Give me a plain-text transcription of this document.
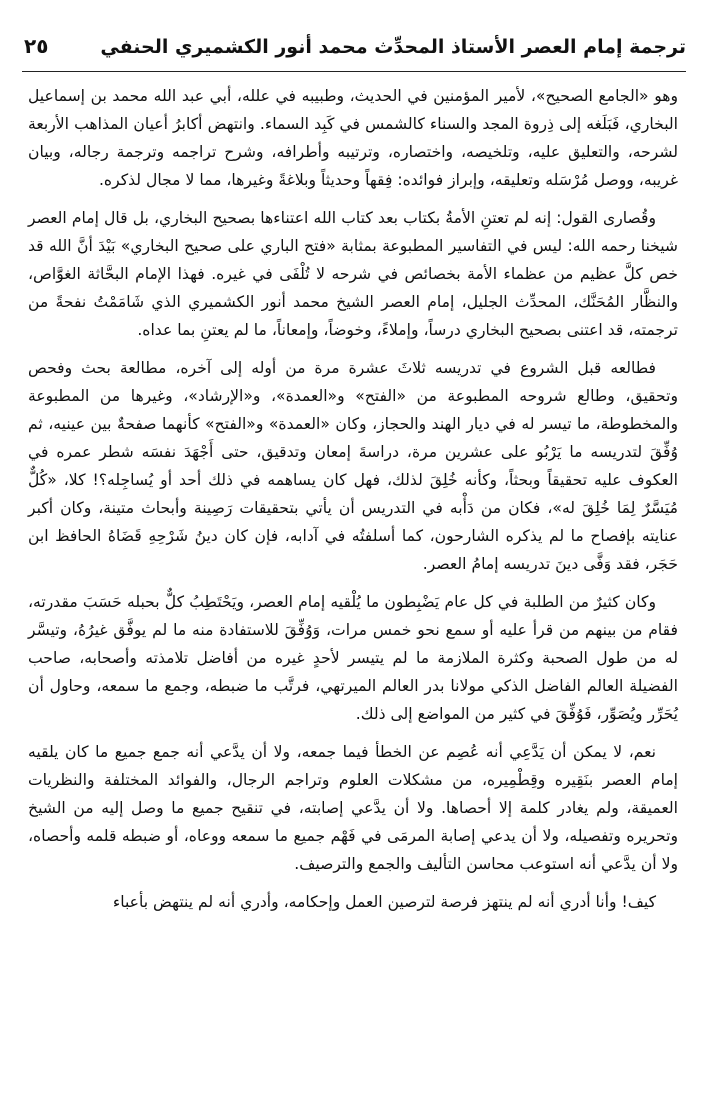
ترجمة إمام العصر الأستاذ المحدِّث محمد أنور الكشميري الحنفي
٢٥

وهو «الجامع الصحيح»، لأمير المؤمنين في الحديث، وطبيبه في علله، أبي عبد الله محمد بن إسماعيل البخاري، فَبَلَغه إلى ذِروة المجد والسناء كالشمس في كَبِد السماء. وانتهض أكابرُ أعيان المذاهب الأربعة لشرحه، والتعليق عليه، وتلخيصه، واختصاره، وترتيبه وأطرافه، وشرح تراجمه وترجمة رجاله، وبيان غريبه، ووصل مُرْسَله وتعليقه، وإبراز فوائده: فِقهاً وحديثاً وبلاغةً وغيرها، مما لا مجال لذكره.

وقُصارى القول: إنه لم تعتنِ الأمةُ بكتاب بعد كتاب الله اعتناءها بصحيح البخاري، بل قال إمام العصر شيخنا رحمه الله: ليس في التفاسير المطبوعة بمثابة «فتح الباري على صحيح البخاري» بَيْدَ أنَّ الله قد خص كلَّ عظيم من عظماء الأمة بخصائص في شرحه لا تُلْفَى في غيره. فهذا الإمام البحَّاثة الغوَّاص، والنظَّار المُحَنَّك، المحدِّث الجليل، إمام العصر الشيخ محمد أنور الكشميري الذي شَامَمْتُ نفحةً من ترجمته، قد اعتنى بصحيح البخاري درساً، وإملاءً، وخوضاً، وإمعاناً، ما لم يعتنِ بما عداه.

فطالعه قبل الشروع في تدريسه ثلاثَ عشرة مرة من أوله إلى آخره، مطالعة بحث وفحص وتحقيق، وطالع شروحه المطبوعة من «الفتح» و«العمدة»، و«الإرشاد»، وغيرها من المطبوعة والمخطوطة، ما تيسر له في ديار الهند والحجاز، وكان «العمدة» و«الفتح» كأنهما صفحةٌ بين عينيه، ثم وُفِّقَ لتدريسه ما يَرْبُو على عشرين مرة، دراسةَ إمعان وتدقيق، حتى أَجْهَدَ نفسَه شطر عمره في العكوف عليه تحقيقاً وبحثاً، وكأنه خُلِقَ لذلك، فهل كان يساهمه في ذلك أحد أو يُساجِله؟! كلا، «كُلٌّ مُيَسَّرٌ لِمَا خُلِقَ له»، فكان من دَأْبه في التدريس أن يأتي بتحقيقات رَصِينة وأبحاث متينة، وكان أكبر عنايته بإفصاح ما لم يذكره الشارحون، كما أسلفتُه في آدابه، فإن كان دينُ شَرْحِهِ قَضَاهُ الحافظ ابن حَجَر، فقد وَفَّى دينَ تدريسه إمامُ العصر.

وكان كثيرٌ من الطلبة في كل عام يَضْبِطون ما يُلْقيه إمام العصر، ويَحْتَطِبُ كلٌّ بحبله حَسَبَ مقدرته، فقام من بينهم من قرأ عليه أو سمع نحو خمس مرات، وَوُفِّقَ للاستفادة منه ما لم يوفَّق غيرُهُ، وتيسَّر له من طول الصحبة وكثرة الملازمة ما لم يتيسر لأحدٍ غيره من أفاضل تلامذته وأصحابه، صاحب الفضيلة العالم الفاضل الذكي مولانا بدر العالم الميرتهي، فرتَّب ما ضبطه، وجمع ما سمعه، وحاول أن يُحَرِّر ويُصَوِّر، فَوُفِّقَ في كثير من المواضع إلى ذلك.

نعم، لا يمكن أن يَدَّعِي أنه عُصِم عن الخطأ فيما جمعه، ولا أن يدَّعي أنه جمع جميع ما كان يلقيه إمام العصر بنَقِيره وقِطْمِيره، من مشكلات العلوم وتراجم الرجال، والفوائد المختلفة والنظريات العميقة، ولم يغادر كلمة إلا أحصاها. ولا أن يدَّعي إصابته، في تنقيح جميع ما وصل إليه من الشيخ وتحريره وتفصيله، ولا أن يدعي إصابة المرمَى في فَهْم جميع ما سمعه ووعاه، أو ضبطه قلمه وأحصاه، ولا أن يدَّعي أنه استوعب محاسن التأليف والجمع والترصيف.

كيف! وأنا أدري أنه لم ينتهز فرصة لترصين العمل وإحكامه، وأدري أنه لم ينتهض بأعباء
